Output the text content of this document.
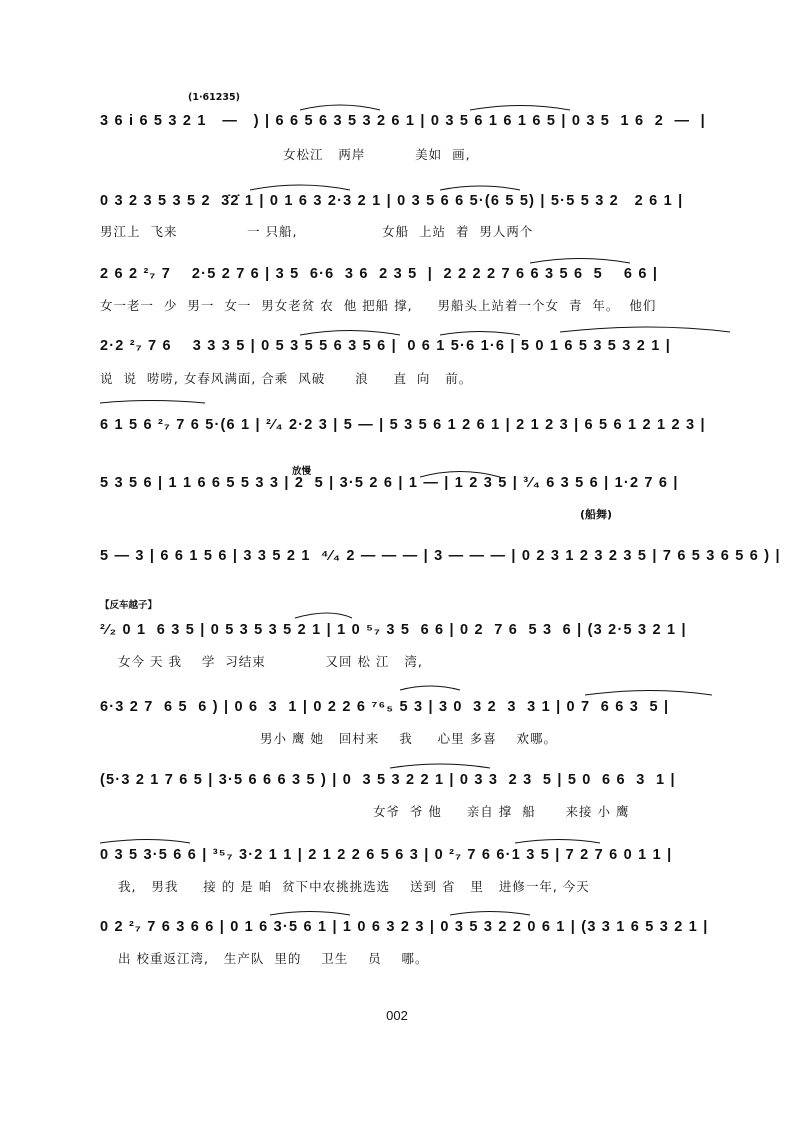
(1·61235)
3 6 i 6 5 3 2 1   —   ) | 6 6 5 6 3 5 3 2 6 1 | 0 3 5 6 1 6 1 6 5 | 0 3 5  1 6  2  —  |
女松江   两岸          美如  画,
0 3 2 3 5 3 5 2  3̇2̇ 1 | 0 1 6 3 2·3 2 1 | 0 3 5 6 6 5·(6 5 5) | 5·5 5 3 2   2 6 1 |
男江上  飞来              一 只船,                 女船  上站  着  男人两个
2 6 2 ²₇ 7    2·5 2 7 6 | 3 5  6·6  3 6  2 3 5  |  2 2 2 2 7 6 6 3 5 6  5    6 6 |
女一老一  少  男一  女一  男女老贫 农  他 把船 撑,     男船头上站着一个女  青  年。  他们
2·2 ²₇ 7 6    3 3 3 5 | 0 5 3 5 5 6 3 5 6 |  0 6 1 5·6 1·6 | 5 0 1 6 5 3 5 3 2 1 |
说  说  唠唠, 女春风满面, 合乘  风破      浪     直  向   前。
6 1 5 6 ²₇ 7 6 5·(6 1 | ²⁄₄ 2·2 3 | 5 — | 5 3 5 6 1 2 6 1 | 2 1 2 3 | 6 5 6 1 2 1 2 3 |
放慢
5 3 5 6 | 1 1 6 6 5 5 3 3 | 2  5 | 3·5 2 6 | 1 — | 1 2 3 5 | ³⁄₄ 6 3 5 6 | 1·2 7 6 |
(船舞)
5 — 3 | 6 6 1 5 6 | 3 3 5 2 1  ⁴⁄₄ 2 — — — | 3 — — — | 0 2 3 1 2 3 2 3 5 | 7 6 5 3 6 5 6 ) |
【反车越子】
²⁄₂ 0 1  6 3 5 | 0 5 3 5 3 5 2 1 | 1 0 ⁵₇ 3 5  6 6 | 0 2  7 6  5 3  6 | (3 2·5 3 2 1 |
女今 天 我    学  习结束            又回 松 江   湾,
6·3 2 7  6 5  6 ) | 0 6  3  1 | 0 2 2 6 ⁷⁶₅ 5 3 | 3 0  3 2  3  3 1 | 0 7  6 6 3  5 |
男小 鹰 她   回村来    我     心里 多喜    欢哪。
(5·3 2 1 7 6 5 | 3·5 6 6 6 3 5 ) | 0  3 5 3 2 2 1 | 0 3 3  2 3  5 | 5 0  6 6  3  1 |
女爷  爷 他     亲自 撑  船      来接 小 鹰
0 3 5 3·5 6 6 | ³⁵₇ 3·2 1 1 | 2 1 2 2 6 5 6 3 | 0 ²₇ 7 6 6·1 3 5 | 7 2 7 6 0 1 1 |
我,   男我     接 的 是 咱  贫下中农挑挑选选    送到 省   里   进修一年, 今天
0 2 ²₇ 7 6 3 6 6 | 0 1 6 3·5 6 1 | 1 0 6 3 2 3 | 0 3 5 3 2 2 0 6 1 | (3 3 1 6 5 3 2 1 |
出 校重返江湾,   生产队  里的    卫生    员    哪。
002
